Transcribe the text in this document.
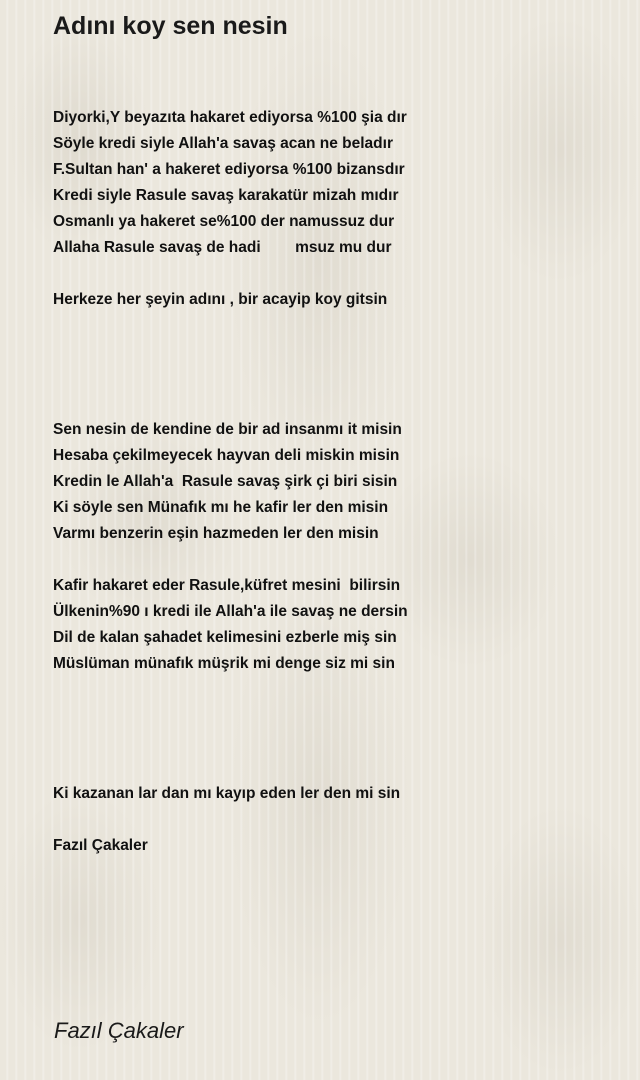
Adını koy sen nesin
Diyorki,Y beyazıta hakaret ediyorsa %100 şia dır
Söyle kredi siyle Allah'a savaş acan ne beladır
F.Sultan han' a hakeret ediyorsa %100 bizansdır
Kredi siyle Rasule savaş karakatür mizah mıdır
Osmanlı ya hakeret se%100 der namussuz dur
Allaha Rasule savaş de hadi        msuz mu dur
Herkeze her şeyin adını , bir acayip koy gitsin
Sen nesin de kendine de bir ad insanmı it misin
Hesaba çekilmeyecek hayvan deli miskin misin
Kredin le Allah'a  Rasule savaş şirk çi biri sisin
Ki söyle sen Münafık mı he kafir ler den misin
Varmı benzerin eşin hazmeden ler den misin
Kafir hakaret eder Rasule,küfret mesini  bilirsin
Ülkenin%90 ı kredi ile Allah'a ile savaş ne dersin
Dil de kalan şahadet kelimesini ezberle miş sin
Müslüman münafık müşrik mi denge siz mi sin
Ki kazanan lar dan mı kayıp eden ler den mi sin
Fazıl Çakaler
Fazıl Çakaler
